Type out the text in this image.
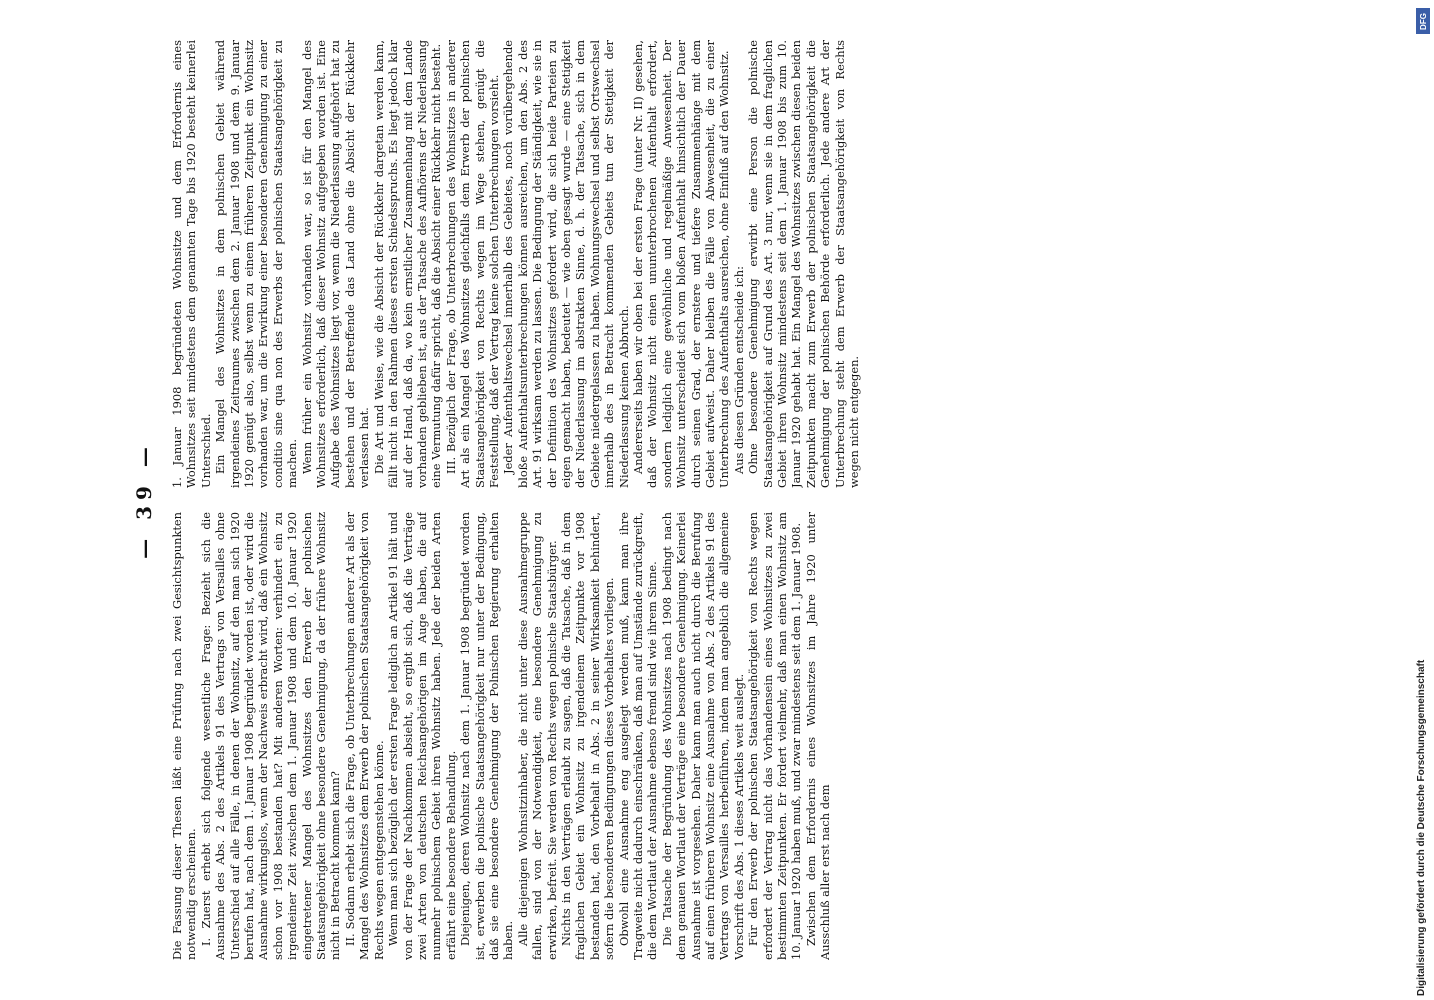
— 39 —

Die Fassung dieser Thesen läßt eine Prüfung nach zwei Gesichtspunkten notwendig erscheinen. I. Zuerst erhebt sich folgende wesentliche Frage: Bezieht sich die Ausnahme des Abs. 2 des Artikels 91 des Vertrags von Versailles ohne Unterschied auf alle Fälle, in denen der Wohnsitz, auf den man sich 1920 berufen hat, nach dem 1. Januar 1908 begründet worden ist, oder wird die Ausnahme wirkungslos, wenn der Nachweis erbracht wird, daß ein Wohnsitz schon vor 1908 bestanden hat? Mit anderen Worten: verhindert ein zu irgendeiner Zeit zwischen dem 1. Januar 1908 und dem 10. Januar 1920 eingetretener Mangel des Wohnsitzes den Erwerb der polnischen Staatsangehörigkeit ohne besondere Genehmigung, da der frühere Wohnsitz nicht in Betracht kommen kann? II. Sodann erhebt sich die Frage, ob Unterbrechungen anderer Art als der Mangel des Wohnsitzes dem Erwerb der polnischen Staatsangehörigkeit von Rechts wegen entgegenstehen könne. Wenn man sich bezüglich der ersten Frage lediglich an Artikel 91 hält und von der Frage der Nachkommen absieht, so ergibt sich, daß die Verträge zwei Arten von deutschen Reichsangehörigen im Auge haben, die auf nunmehr polnischem Gebiet ihren Wohnsitz haben. Jede der beiden Arten erfährt eine besondere Behandlung. Diejenigen, deren Wohnsitz nach dem 1. Januar 1908 begründet worden ist, erwerben die polnische Staatsangehörigkeit nur unter der Bedingung, daß sie eine besondere Genehmigung der Polnischen Regierung erhalten haben. Alle diejenigen Wohnsitzinhaber, die nicht unter diese Ausnahmegruppe fallen, sind von der Notwendigkeit, eine besondere Genehmigung zu erwirken, befreit. Sie werden von Rechts wegen polnische Staatsbürger. Nichts in den Verträgen erlaubt zu sagen, daß die Tatsache, daß in dem fraglichen Gebiet ein Wohnsitz zu irgendeinem Zeitpunkte vor 1908 bestanden hat, den Vorbehalt in Abs. 2 in seiner Wirksamkeit behindert, sofern die besonderen Bedingungen dieses Vorbehaltes vorliegen. Obwohl eine Ausnahme eng ausgelegt werden muß, kann man ihre Tragweite nicht dadurch einschränken, daß man auf Umstände zurückgreift, die dem Wortlaut der Ausnahme ebenso fremd sind wie ihrem Sinne. Die Tatsache der Begründung des Wohnsitzes nach 1908 bedingt nach dem genauen Wortlaut der Verträge eine besondere Genehmigung. Keinerlei Ausnahme ist vorgesehen. Daher kann man auch nicht durch die Berufung auf einen früheren Wohnsitz eine Ausnahme von Abs. 2 des Artikels 91 des Vertrags von Versailles herbeiführen, indem man angeblich die allgemeine Vorschrift des Abs. 1 dieses Artikels weit auslegt. Für den Erwerb der polnischen Staatsangehörigkeit von Rechts wegen erfordert der Vertrag nicht das Vorhandensein eines Wohnsitzes zu zwei bestimmten Zeitpunkten. Er fordert vielmehr, daß man einen Wohnsitz am 10. Januar 1920 haben muß, und zwar mindestens seit dem 1. Januar 1908. Zwischen dem Erfordernis eines Wohnsitzes im Jahre 1920 unter Ausschluß aller erst nach dem

1. Januar 1908 begründeten Wohnsitze und dem Erfordernis eines Wohnsitzes seit mindestens dem genannten Tage bis 1920 besteht keinerlei Unterschied. Ein Mangel des Wohnsitzes in dem polnischen Gebiet während irgendeines Zeitraumes zwischen dem 2. Januar 1908 und dem 9. Januar 1920 genügt also, selbst wenn zu einem früheren Zeitpunkt ein Wohnsitz vorhanden war, um die Erwirkung einer besonderen Genehmigung zu einer conditio sine qua non des Erwerbs der polnischen Staatsangehörigkeit zu machen. Wenn früher ein Wohnsitz vorhanden war, so ist für den Mangel des Wohnsitzes erforderlich, daß dieser Wohnsitz aufgegeben worden ist. Eine Aufgabe des Wohnsitzes liegt vor, wenn die Niederlassung aufgehört hat zu bestehen und der Betreffende das Land ohne die Absicht der Rückkehr verlassen hat. Die Art und Weise, wie die Absicht der Rückkehr dargetan werden kann, fällt nicht in den Rahmen dieses ersten Schiedsspruchs. Es liegt jedoch klar auf der Hand, daß da, wo kein ernstlicher Zusammenhang mit dem Lande vorhanden geblieben ist, aus der Tatsache des Aufhörens der Niederlassung eine Vermutung dafür spricht, daß die Absicht einer Rückkehr nicht besteht. III. Bezüglich der Frage, ob Unterbrechungen des Wohnsitzes in anderer Art als ein Mangel des Wohnsitzes gleichfalls dem Erwerb der polnischen Staatsangehörigkeit von Rechts wegen im Wege stehen, genügt die Feststellung, daß der Vertrag keine solchen Unterbrechungen vorsieht. Jeder Aufenthaltswechsel innerhalb des Gebietes, noch vorübergehende bloße Aufenthaltsunterbrechungen können ausreichen, um den Abs. 2 des Art. 91 wirksam werden zu lassen. Die Bedingung der Ständigkeit, wie sie in der Definition des Wohnsitzes gefordert wird, die sich beide Parteien zu eigen gemacht haben, bedeutet — wie oben gesagt wurde — eine Stetigkeit der Niederlassung im abstrakten Sinne, d. h. der Tatsache, sich in dem Gebiete niedergelassen zu haben. Wohnungswechsel und selbst Ortswechsel innerhalb des in Betracht kommenden Gebiets tun der Stetigkeit der Niederlassung keinen Abbruch. Andererseits haben wir oben bei der ersten Frage (unter Nr. II) gesehen, daß der Wohnsitz nicht einen ununterbrochenen Aufenthalt erfordert, sondern lediglich eine gewöhnliche und regelmäßige Anwesenheit. Der Wohnsitz unterscheidet sich vom bloßen Aufenthalt hinsichtlich der Dauer durch seinen Grad, der ernstere und tiefere Zusammenhänge mit dem Gebiet aufweist. Daher bleiben die Fälle von Abwesenheit, die zu einer Unterbrechung des Aufenthalts ausreichen, ohne Einfluß auf den Wohnsitz. Aus diesen Gründen entscheide ich: Ohne besondere Genehmigung erwirbt eine Person die polnische Staatsangehörigkeit auf Grund des Art. 3 nur, wenn sie in dem fraglichen Gebiet ihren Wohnsitz mindestens seit dem 1. Januar 1908 bis zum 10. Januar 1920 gehabt hat. Ein Mangel des Wohnsitzes zwischen diesen beiden Zeitpunkten macht zum Erwerb der polnischen Staatsangehörigkeit die Genehmigung der polnischen Behörde erforderlich. Jede andere Art der Unterbrechung steht dem Erwerb der Staatsangehörigkeit von Rechts wegen nicht entgegen.

Digitalisierung gefördert durch die Deutsche Forschungsgemeinschaft
DFG
